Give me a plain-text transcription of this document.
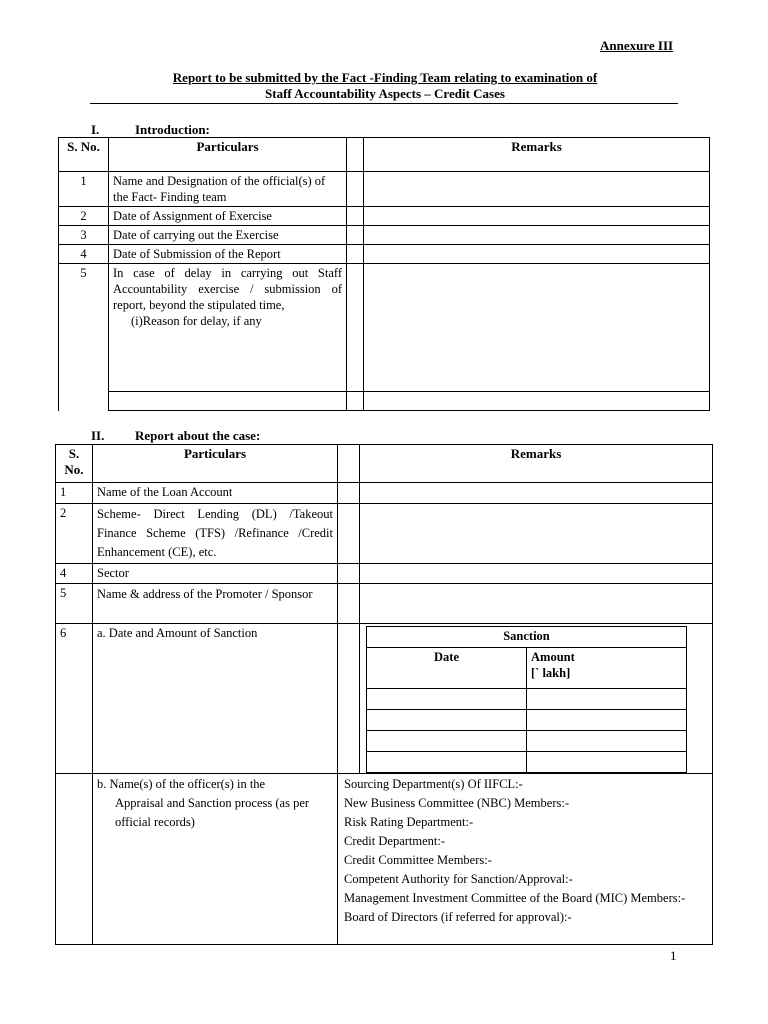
Annexure III
Report to be submitted by the Fact -Finding Team relating to examination of
Staff Accountability Aspects – Credit Cases
I.	Introduction:
S. No.	Particulars		Remarks
1	Name and Designation of the official(s) of the Fact- Finding team		
2	Date of Assignment of Exercise		
3	Date of carrying out the Exercise		
4	Date of Submission of the Report		
5	In case of delay in carrying out Staff Accountability exercise / submission of report, beyond the stipulated time,
(i)Reason for delay, if any		

II. Report about the case:
S. No.	Particulars		Remarks
1	Name of the Loan Account		
2	Scheme- Direct Lending (DL) /Takeout Finance Scheme (TFS) /Refinance /Credit Enhancement (CE), etc.		
4	Sector		
5	Name & address of the Promoter / Sponsor		
6	a. Date and Amount of Sanction			Sanction
Date	Amount
[` lakh]

	b. Name(s) of the officer(s) in the
Appraisal and Sanction process (as per official records)

Sourcing Department(s) Of IIFCL:-
New Business Committee (NBC) Members:-
Risk Rating Department:-
Credit Department:-
Credit Committee Members:-
Competent Authority for Sanction/Approval:-
Management Investment Committee of the Board (MIC) Members:-
Board of Directors (if referred for approval):-
1
